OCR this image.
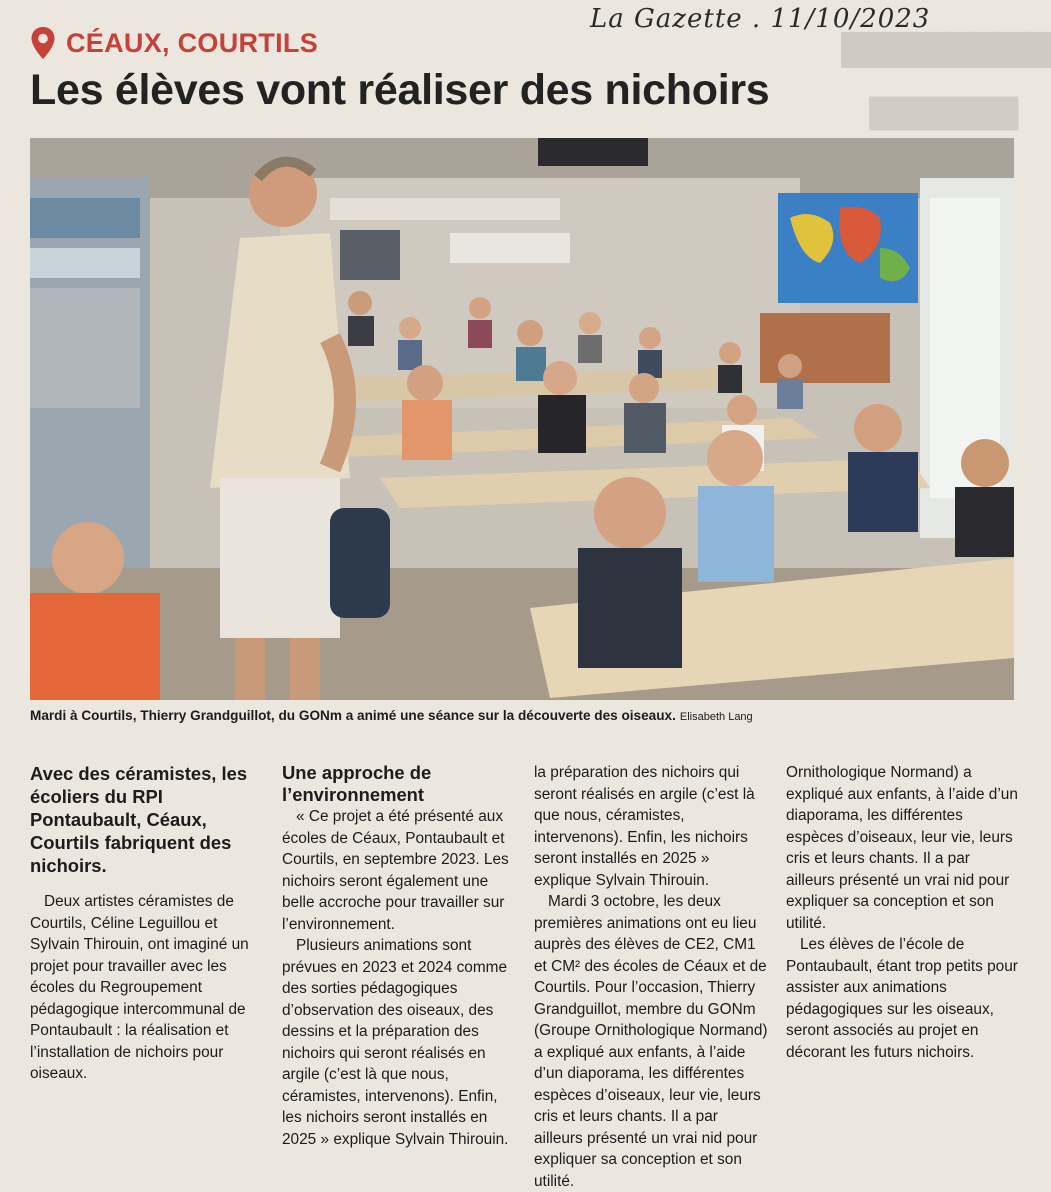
▇▇▇▇▇▇▇▇
▇▇▇▇▇▇
La Gazette . 11/10/2023
CÉAUX, COURTILS
Les élèves vont réaliser des nichoirs
Mardi à Courtils, Thierry Grandguillot, du GONm a animé une séance sur la découverte des oiseaux. Elisabeth Lang

Avec des céramistes, les écoliers du RPI Pontaubault, Céaux, Courtils fabriquent des nichoirs.

Deux artistes céramistes de Courtils, Céline Leguillou et Sylvain Thirouin, ont imaginé un projet pour travailler avec les écoles du Regroupement pédagogique intercommunal de Pontaubault : la réalisation et l’installation de nichoirs pour oiseaux.

Une approche de l’environnement

« Ce projet a été présenté aux écoles de Céaux, Pontaubault et Courtils, en septembre 2023. Les nichoirs seront également une belle accroche pour travailler sur l’environnement.

Plusieurs animations sont prévues en 2023 et 2024 comme des sorties pédagogiques d’observation des oiseaux, des dessins et la préparation des nichoirs qui seront réalisés en argile (c’est là que nous, céramistes, intervenons). Enfin, les nichoirs seront installés en 2025 » explique Sylvain Thirouin.

la préparation des nichoirs qui seront réalisés en argile (c’est là que nous, céramistes, intervenons). Enfin, les nichoirs seront installés en 2025 » explique Sylvain Thirouin.

Mardi 3 octobre, les deux premières animations ont eu lieu auprès des élèves de CE2, CM1 et CM² des écoles de Céaux et de Courtils. Pour l’occasion, Thierry Grandguillot, membre du GONm (Groupe Ornithologique Normand) a expliqué aux enfants, à l’aide d’un diaporama, les différentes espèces d’oiseaux, leur vie, leurs cris et leurs chants. Il a par ailleurs présenté un vrai nid pour expliquer sa conception et son utilité.

Ornithologique Normand) a expliqué aux enfants, à l’aide d’un diaporama, les différentes espèces d’oiseaux, leur vie, leurs cris et leurs chants. Il a par ailleurs présenté un vrai nid pour expliquer sa conception et son utilité.

Les élèves de l’école de Pontaubault, étant trop petits pour assister aux animations pédagogiques sur les oiseaux, seront associés au projet en décorant les futurs nichoirs.
